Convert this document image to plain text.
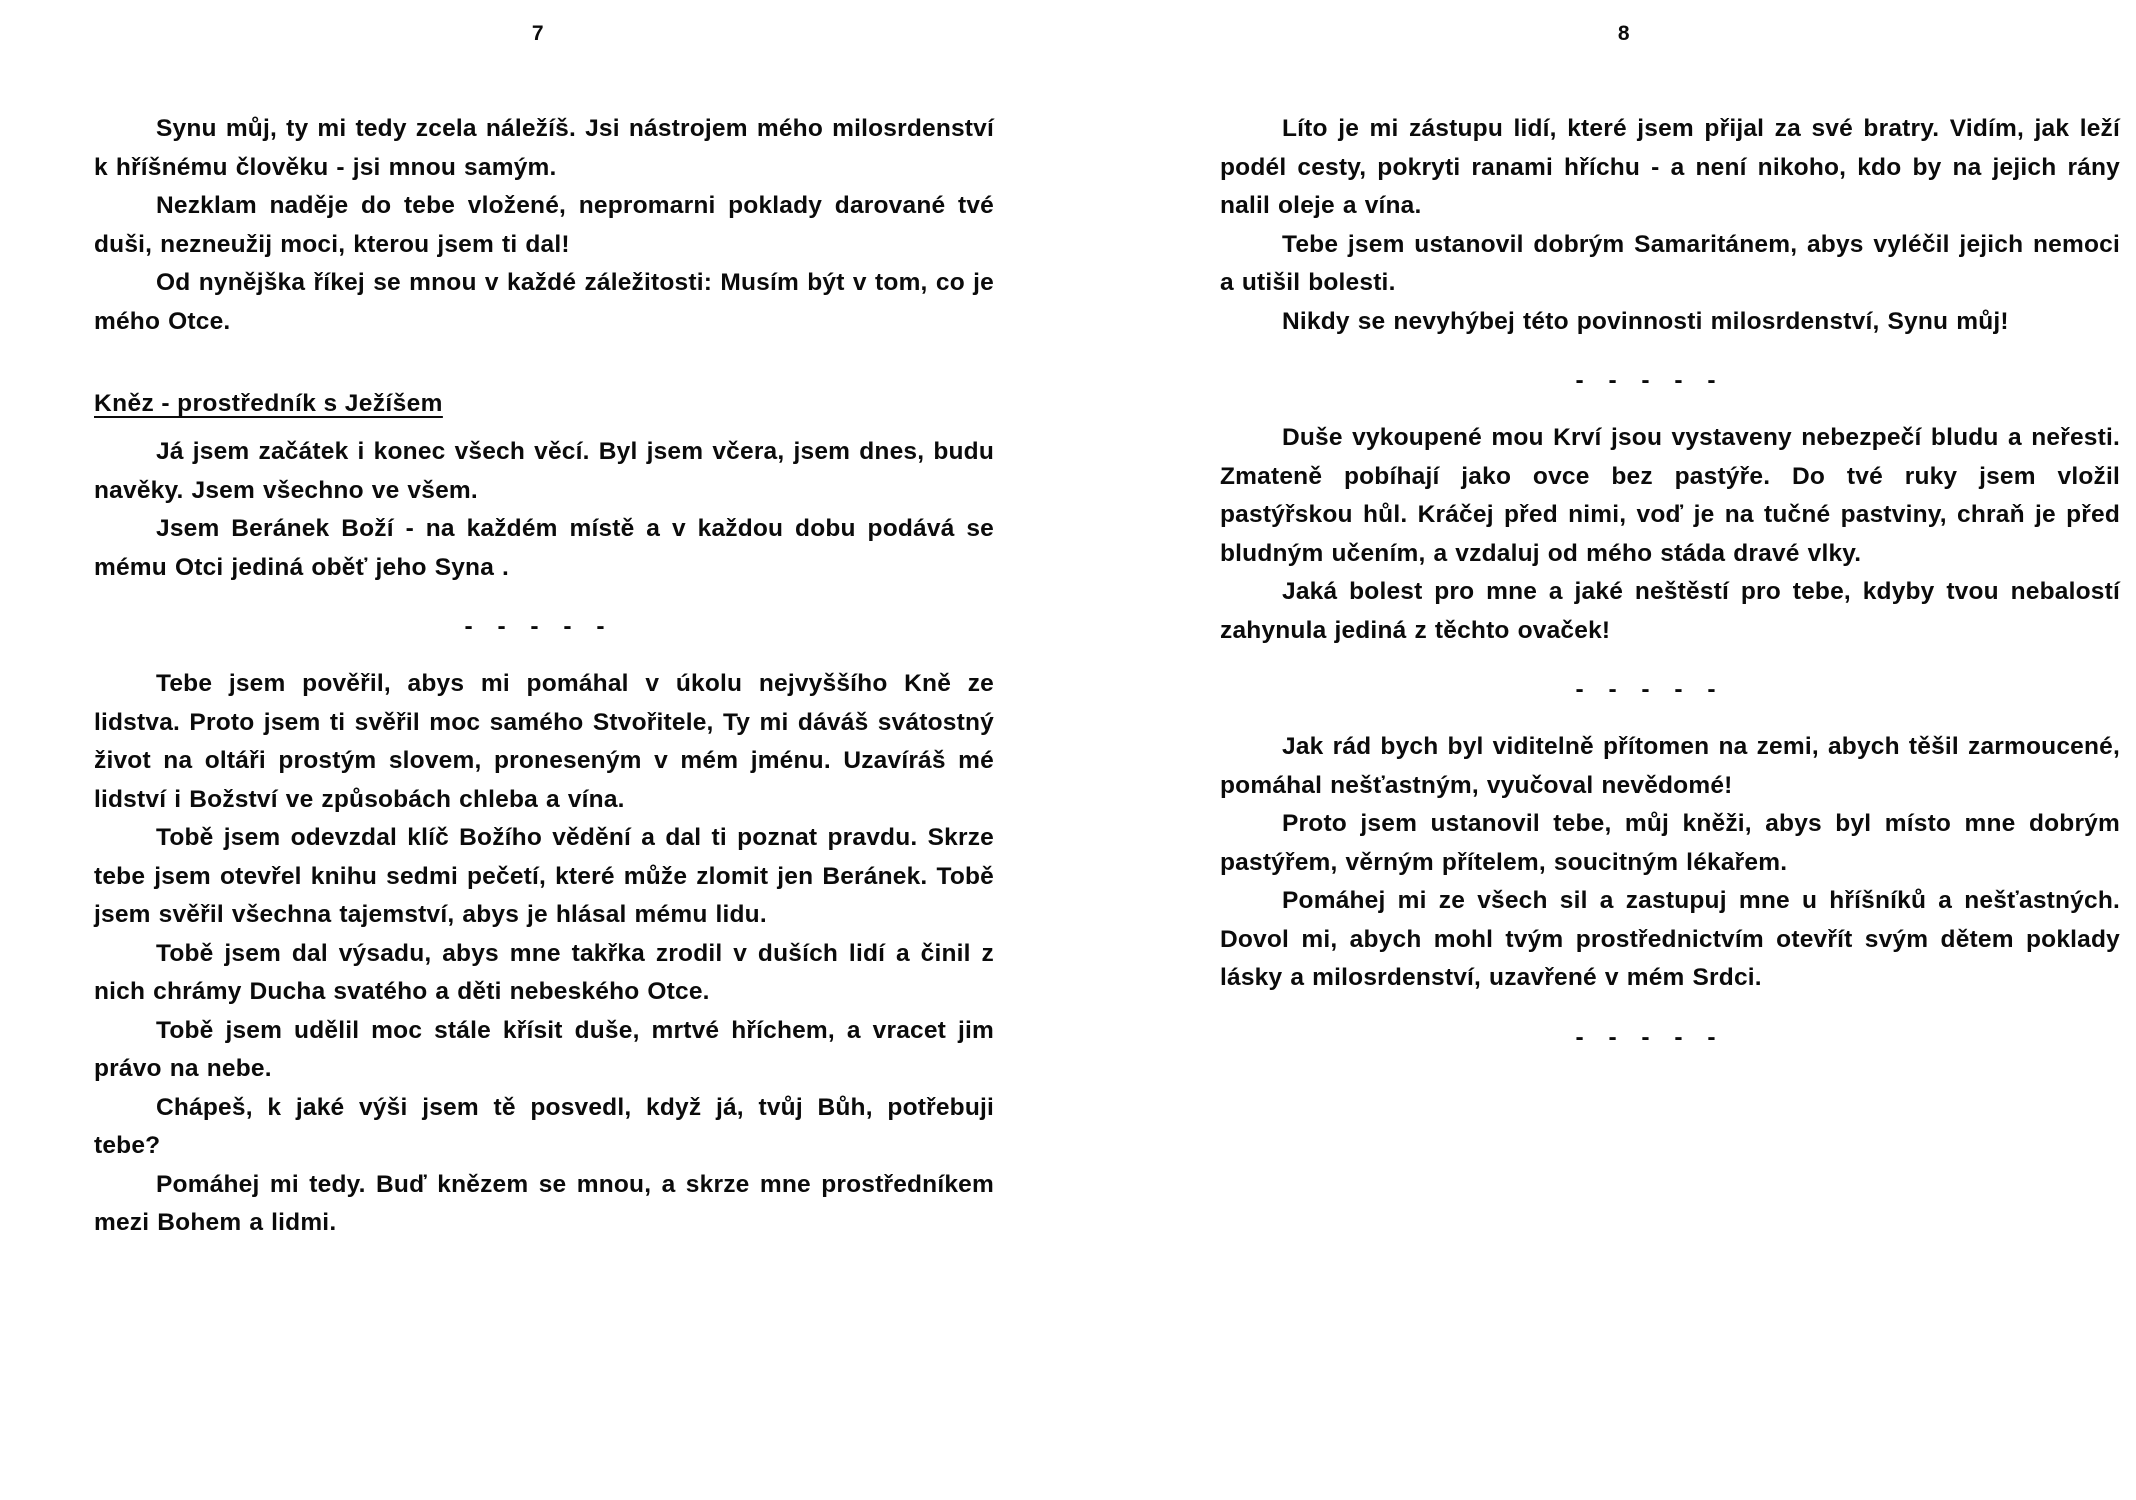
7

Synu můj, ty mi tedy zcela náležíš. Jsi nástrojem mého milosrdenství k hříšnému člověku - jsi mnou samým.

Nezklam naděje do tebe vložené, nepromarni poklady darované tvé duši, nezneužij moci, kterou jsem ti dal!

Od nynějška říkej se mnou v každé záležitosti: Musím být v tom, co je mého Otce.

Kněz - prostředník s Ježíšem

Já jsem začátek i konec všech věcí. Byl jsem včera, jsem dnes, budu navěky. Jsem všechno ve všem.

Jsem Beránek Boží - na každém místě a v každou dobu podává se mému Otci jediná oběť jeho Syna .

- - - - -

Tebe jsem pověřil, abys mi pomáhal v úkolu nejvyššího Kně ze lidstva. Proto jsem ti svěřil moc samého Stvořitele, Ty mi dáváš svátostný život na oltáři prostým slovem, proneseným v mém jménu. Uzavíráš mé lidství i Božství ve způsobách chleba a vína.

Tobě jsem odevzdal klíč Božího vědění a dal ti poznat pravdu. Skrze tebe jsem otevřel knihu sedmi pečetí, které může zlomit jen Beránek. Tobě jsem svěřil všechna tajemství, abys je hlásal mému lidu.

Tobě jsem dal výsadu, abys mne takřka zrodil v duších lidí a činil z nich chrámy Ducha svatého a děti nebeského Otce.

Tobě jsem udělil moc stále křísit duše, mrtvé hříchem, a vracet jim právo na nebe.

Chápeš, k jaké výši jsem tě posvedl, když já, tvůj Bůh, potřebuji tebe?

Pomáhej mi tedy. Buď knězem se mnou, a skrze mne prostředníkem mezi Bohem a lidmi.

8

Líto je mi zástupu lidí, které jsem přijal za své bratry. Vidím, jak leží podél cesty, pokryti ranami hříchu - a není nikoho, kdo by na jejich rány nalil oleje a vína.

Tebe jsem ustanovil dobrým Samaritánem, abys vyléčil jejich nemoci a utišil bolesti.

Nikdy se nevyhýbej této povinnosti milosrdenství, Synu můj!

- - - - -

Duše vykoupené mou Krví jsou vystaveny nebezpečí bludu a neřesti. Zmateně pobíhají jako ovce bez pastýře. Do tvé ruky jsem vložil pastýřskou hůl. Kráčej před nimi, voď je na tučné pastviny, chraň je před bludným učením, a vzdaluj od mého stáda dravé vlky.

Jaká bolest pro mne a jaké neštěstí pro tebe, kdyby tvou nebalostí zahynula jediná z těchto ovaček!

- - - - -

Jak rád bych byl viditelně přítomen na zemi, abych těšil zarmoucené, pomáhal nešťastným, vyučoval nevědomé!

Proto jsem ustanovil tebe, můj kněži, abys byl místo mne dobrým pastýřem, věrným přítelem, soucitným lékařem.

Pomáhej mi ze všech sil a zastupuj mne u hříšníků a nešťastných. Dovol mi, abych mohl tvým prostřednictvím otevřít svým dětem poklady lásky a milosrdenství, uzavřené v mém Srdci.

- - - - -
